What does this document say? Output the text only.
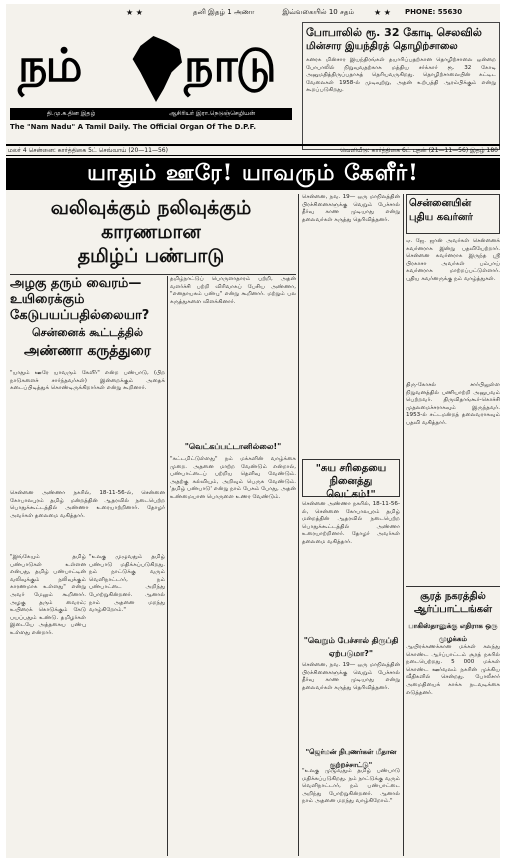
★ ★	தனி இதழ் 1 அணா	இவ்வகையில் 10 சதம்	★ ★ PHONE: 55630
நம் நாடு
தி.மு.க.தின இதழ்	ஆசிரியர் இரா.நெடுஞ்செழியன்
The "Nam Nadu" A Tamil Daily. The Official Organ Of The D.P.F.
போபாலில் ரூ. 32 கோடி செலவில்
மின்சார இயந்திரத் தொழிற்சாலை
கனரக மின்சார இயந்திரங்கள் தயாரிப்பதற்கான தொழிற்சாலை ஒன்றை போபாலில் நிறுவுவதற்காக மத்திய சர்க்கார் ரூ. 32 கோடி அனுமதித்திருப்பதாகத் தெரியவருகிறது. தொழிற்சாலையின் கட்டிட வேலைகள் 1958-ல் முடிவுற்று, அதன் உற்பத்தி ஆரம்பிக்கும் என்று கூறப்படுகிறது.
மலர் 4 சென்னை: கார்த்திகை 5ட் செவ்வாய் (20—11—56)	வெளியீடு: கார்த்திகை 6ட் புதன் (21—11—56) இதழ் 180
யாதும் ஊரே! யாவரும் கேளீர்!
வலிவுக்கும் நலிவுக்கும் காரணமான
தமிழ்ப் பண்பாடு
அழகு தரும் வைரம்—உயிரைக்கும் கேடுபயப்பதில்லையா?
சென்னைக் கூட்டத்தில்
அண்ணா கருத்துரை
"யாதும் ஊரே யாவரும் கேளீர்" என்ற பண்பாடு, (பிற நாடுகளைச் சார்ந்தவர்கள்) இன்றைக்கும் அதைக் கடைப்பிடித்துக் கொண்டிருக்கிறார்கள் என்று கூறினார்.
சென்னை அண்ணா நகரில், 18-11-56-ல், சென்னை கோபாலபுரம் தமிழ் மன்றத்தின் ஆதரவில் நடைபெற்ற பொதுக்கூட்டத்தில் அண்ணா உரையாற்றினார். தோழர் அவர்கள் தலைமை வகித்தார்.
தமிழ்நாட்டுப் பொருளாதாரம் பற்றி, அதன் வளர்ச்சி பற்றி விரிவாகப் பேசிய அண்ணா, "எனதாயகம் பண்பு" என்று கூறினார். மற்றும் பல கருத்துகளை விளக்கினார்.
"இங்கேயும் தமிழ் பண்பாடுகள் உள்ளன என்பது, தமிழ் பண்பாட்டின் வலிவுக்கும் நலிவுக்கும் காரணமாக உள்ளது" என்று அவர் மேலும் கூறினார். அழகு தரும் வைரம்; உயிரைக் கொடுக்கும் கேடு பயப்பதும் உண்டு. தமிழர்கள் இடையே அத்தகைய பண்பு உள்ளது என்றார்.
"உலகு முழுவதும் தமிழ் பண்பாடு மதிக்கப்படுகிறது. நம் நாட்டுக்கு வரும் வெளிநாட்டார், நம் பண்பாட்டை அறிந்து போற்றுகின்றனர். ஆனால் நாம் அதனை மறந்து வாழ்கிறோம்."
"வெட்கப்பட்டானில்லை!"
"கட்டமிட்டுள்ளது" நம் மக்களின் வாழ்க்கை முறை. அதனை மாற்ற வேண்டும் என்றால், பண்பாட்டைப் பற்றிய தெளிவு வேண்டும். அதற்கு கல்வியும், அறிவும் பெருக வேண்டும். 'தமிழ் பண்பாடு' என்று நாம் பேசும் போது, அதன் உண்மையான பொருளை உணர வேண்டும்.
சென்னை, நவ. 19— ஒரு மாநிலத்தின் பிரச்சினைகளுக்கு வெறும் பேச்சால் தீர்வு காண முடியாது என்று தலைவர்கள் கருத்து தெரிவித்தனர்.
"சுய சரிதையை நினைத்து வெட்கம்!"
சென்னை அண்ணா நகரில், 18-11-56-ல், சென்னை கோபாலபுரம் தமிழ் மன்றத்தின் ஆதரவில் நடைபெற்ற பொதுக்கூட்டத்தில் அண்ணா உரையாற்றினார். தோழர் அவர்கள் தலைமை வகித்தார்.
"வெறும் பேச்சால் திருப்தி ஏற்படுமா?"
சென்னை, நவ. 19— ஒரு மாநிலத்தின் பிரச்சினைகளுக்கு வெறும் பேச்சால் தீர்வு காண முடியாது என்று தலைவர்கள் கருத்து தெரிவித்தனர்.
"ஜெர்மன் நிபுணர்கள் மீதான குற்றச்சாட்டு"
"உலகு முழுவதும் தமிழ் பண்பாடு மதிக்கப்படுகிறது. நம் நாட்டுக்கு வரும் வெளிநாட்டார், நம் பண்பாட்டை அறிந்து போற்றுகின்றனர். ஆனால் நாம் அதனை மறந்து வாழ்கிறோம்."
சென்னையின் புதிய கவர்னர்
ஏ. ஜே. ஜான் அவர்கள் சென்னைக் கவர்னராக இன்று பதவியேற்றார். சென்னை கவர்னராக இருந்த ஸ்ரீ பிரகாசா அவர்கள் பம்பாய் கவர்னராக மாற்றப்பட்டுள்ளார். புதிய கவர்னருக்கு நம் வாழ்த்துகள்.
திரு-கோசல் சார்பிலுள்ள நிறுவனத்தில் பணியாற்றி அனுபவம் பெற்றவர். திருவிதாங்கூர்-கொச்சி முதலமைச்சராகவும் இருந்தவர். 1953-ல் சட்டமன்றத் தலைவராகவும் பதவி வகித்தார்.
சூரத் நகரத்தில் ஆர்ப்பாட்டங்கள்
பாகிஸ்தானுக்கு எதிராக ஒரு முழக்கம்
ஆயிரக்கணக்கான மக்கள் கலந்து கொண்ட ஆர்ப்பாட்டம் சூரத் நகரில் நடைபெற்றது. 5 000 மக்கள் கொண்ட ஊர்வலம் நகரின் முக்கிய வீதிகளில் சென்றது. போலீசார் அமைதியைக் காக்க நடவடிக்கை எடுத்தனர்.
